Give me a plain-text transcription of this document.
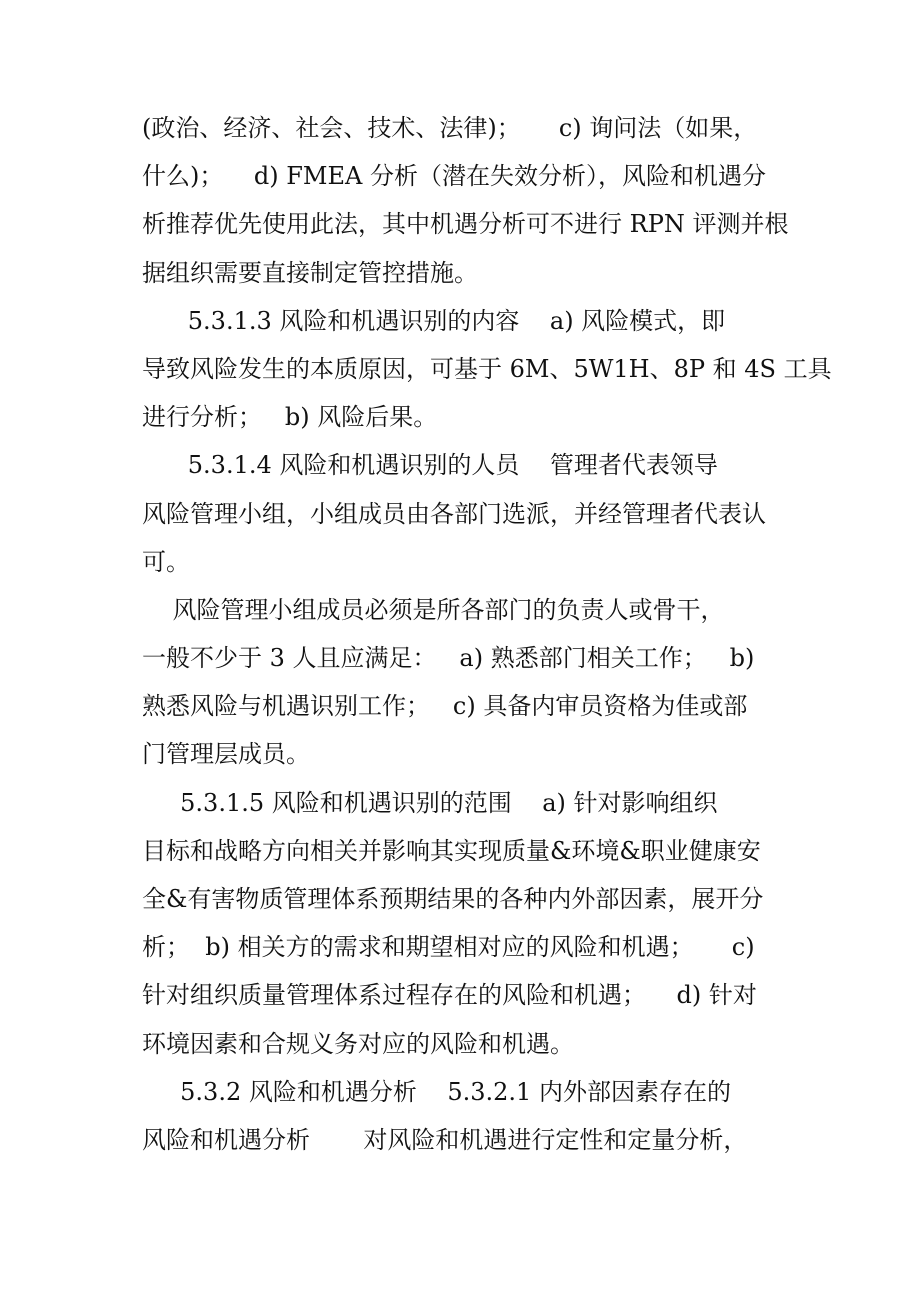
(政治、经济、社会、技术、法律)；     c) 询问法（如果，
什么)；    d) FMEA 分析（潜在失效分析），风险和机遇分
析推荐优先使用此法，其中机遇分析可不进行 RPN 评测并根
据组织需要直接制定管控措施。
5.3.1.3 风险和机遇识别的内容    a) 风险模式，即
导致风险发生的本质原因，可基于 6M、5W1H、8P 和 4S 工具
进行分析；   b) 风险后果。
5.3.1.4 风险和机遇识别的人员    管理者代表领导
风险管理小组，小组成员由各部门选派，并经管理者代表认
可。
风险管理小组成员必须是所各部门的负责人或骨干，
一般不少于 3 人且应满足：   a) 熟悉部门相关工作；   b)
熟悉风险与机遇识别工作；   c) 具备内审员资格为佳或部
门管理层成员。
5.3.1.5 风险和机遇识别的范围    a) 针对影响组织
目标和战略方向相关并影响其实现质量&环境&职业健康安
全&有害物质管理体系预期结果的各种内外部因素，展开分
析；  b) 相关方的需求和期望相对应的风险和机遇；     c)
针对组织质量管理体系过程存在的风险和机遇；    d) 针对
环境因素和合规义务对应的风险和机遇。
5.3.2 风险和机遇分析    5.3.2.1 内外部因素存在的
风险和机遇分析       对风险和机遇进行定性和定量分析，
